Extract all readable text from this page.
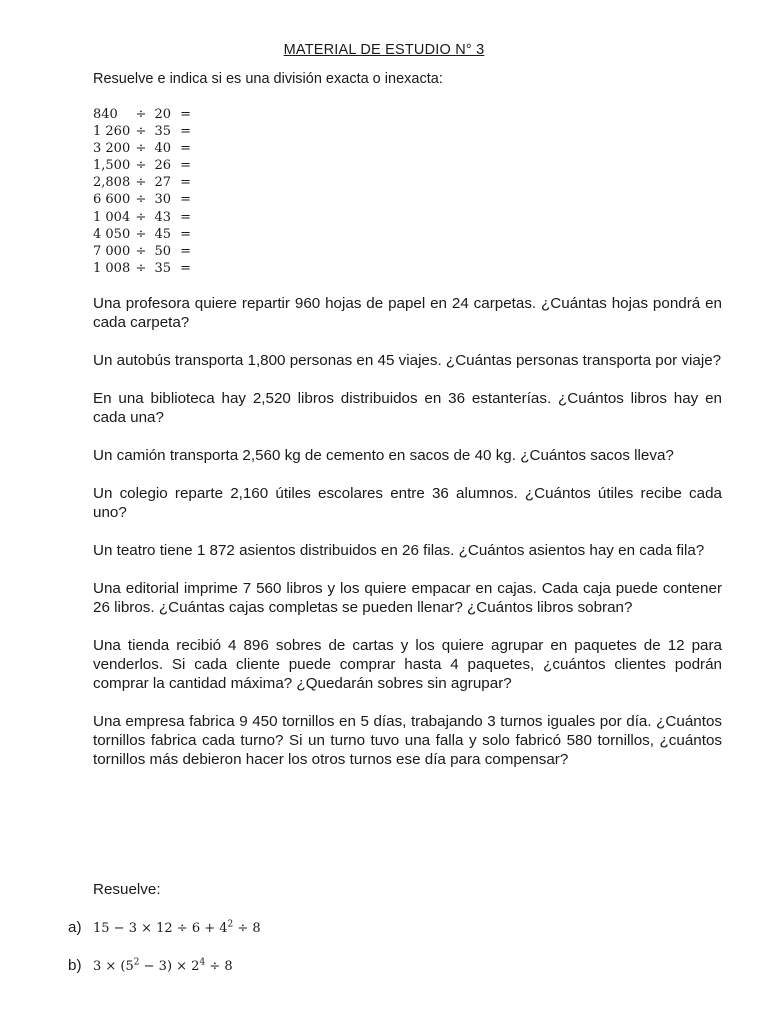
MATERIAL DE ESTUDIO N° 3
Resuelve e indica si es una división exacta o inexacta:
840 ÷ 20 =
1 260 ÷ 35 =
3 200 ÷ 40 =
1,500 ÷ 26 =
2,808 ÷ 27 =
6 600 ÷ 30 =
1 004 ÷ 43 =
4 050 ÷ 45 =
7 000 ÷ 50 =
1 008 ÷ 35 =

Una profesora quiere repartir 960 hojas de papel en 24 carpetas. ¿Cuántas hojas pondrá en cada carpeta?

Un autobús transporta 1,800 personas en 45 viajes. ¿Cuántas personas transporta por viaje?

En una biblioteca hay 2,520 libros distribuidos en 36 estanterías. ¿Cuántos libros hay en cada una?

Un camión transporta 2,560 kg de cemento en sacos de 40 kg. ¿Cuántos sacos lleva?

Un colegio reparte 2,160 útiles escolares entre 36 alumnos. ¿Cuántos útiles recibe cada uno?

Un teatro tiene 1 872 asientos distribuidos en 26 filas. ¿Cuántos asientos hay en cada fila?

Una editorial imprime 7 560 libros y los quiere empacar en cajas. Cada caja puede contener 26 libros. ¿Cuántas cajas completas se pueden llenar? ¿Cuántos libros sobran?

Una tienda recibió 4 896 sobres de cartas y los quiere agrupar en paquetes de 12 para venderlos. Si cada cliente puede comprar hasta 4 paquetes, ¿cuántos clientes podrán comprar la cantidad máxima? ¿Quedarán sobres sin agrupar?

Una empresa fabrica 9 450 tornillos en 5 días, trabajando 3 turnos iguales por día. ¿Cuántos tornillos fabrica cada turno? Si un turno tuvo una falla y solo fabricó 580 tornillos, ¿cuántos tornillos más debieron hacer los otros turnos ese día para compensar?

Resuelve:
a) $15 - 3 \times 12 \div 6 + 4^2 \div 8$
b) $3 \times (5^2 - 3) \times 2^4 \div 8$
